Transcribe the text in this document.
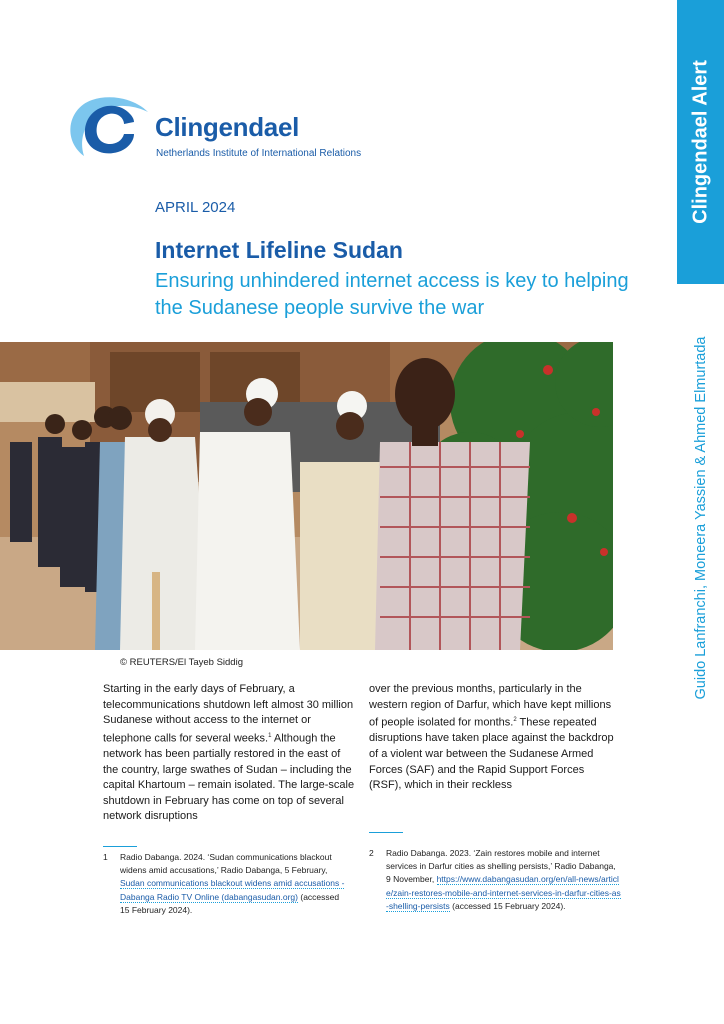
Clingendael Alert
Guido Lanfranchi, Moneera Yassien & Ahmed Elmurtada
Clingendael
Netherlands Institute of International Relations
APRIL 2024
Internet Lifeline Sudan
Ensuring unhindered internet access is key to helping the Sudanese people survive the war
© REUTERS/El Tayeb Siddig
Starting in the early days of February, a telecommunications shutdown left almost 30 million Sudanese without access to the internet or telephone calls for several weeks.$^1$ Although the network has been partially restored in the east of the country, large swathes of Sudan – including the capital Khartoum – remain isolated. The large-scale shutdown in February has come on top of several network disruptions
over the previous months, particularly in the western region of Darfur, which have kept millions of people isolated for months.$^2$ These repeated disruptions have taken place against the backdrop of a violent war between the Sudanese Armed Forces (SAF) and the Rapid Support Forces (RSF), which in their reckless
1 Radio Dabanga. 2024. ‘Sudan communications blackout widens amid accusations,’ Radio Dabanga, 5 February, Sudan communications blackout widens amid accusations - Dabanga Radio TV Online (dabangasudan.org) (accessed 15 February 2024).
2 Radio Dabanga. 2023. ‘Zain restores mobile and internet services in Darfur cities as shelling persists,’ Radio Dabanga, 9 November, https://www.dabangasudan.org/en/all-news/article/zain-restores-mobile-and-internet-services-in-darfur-cities-as-shelling-persists (accessed 15 February 2024).
